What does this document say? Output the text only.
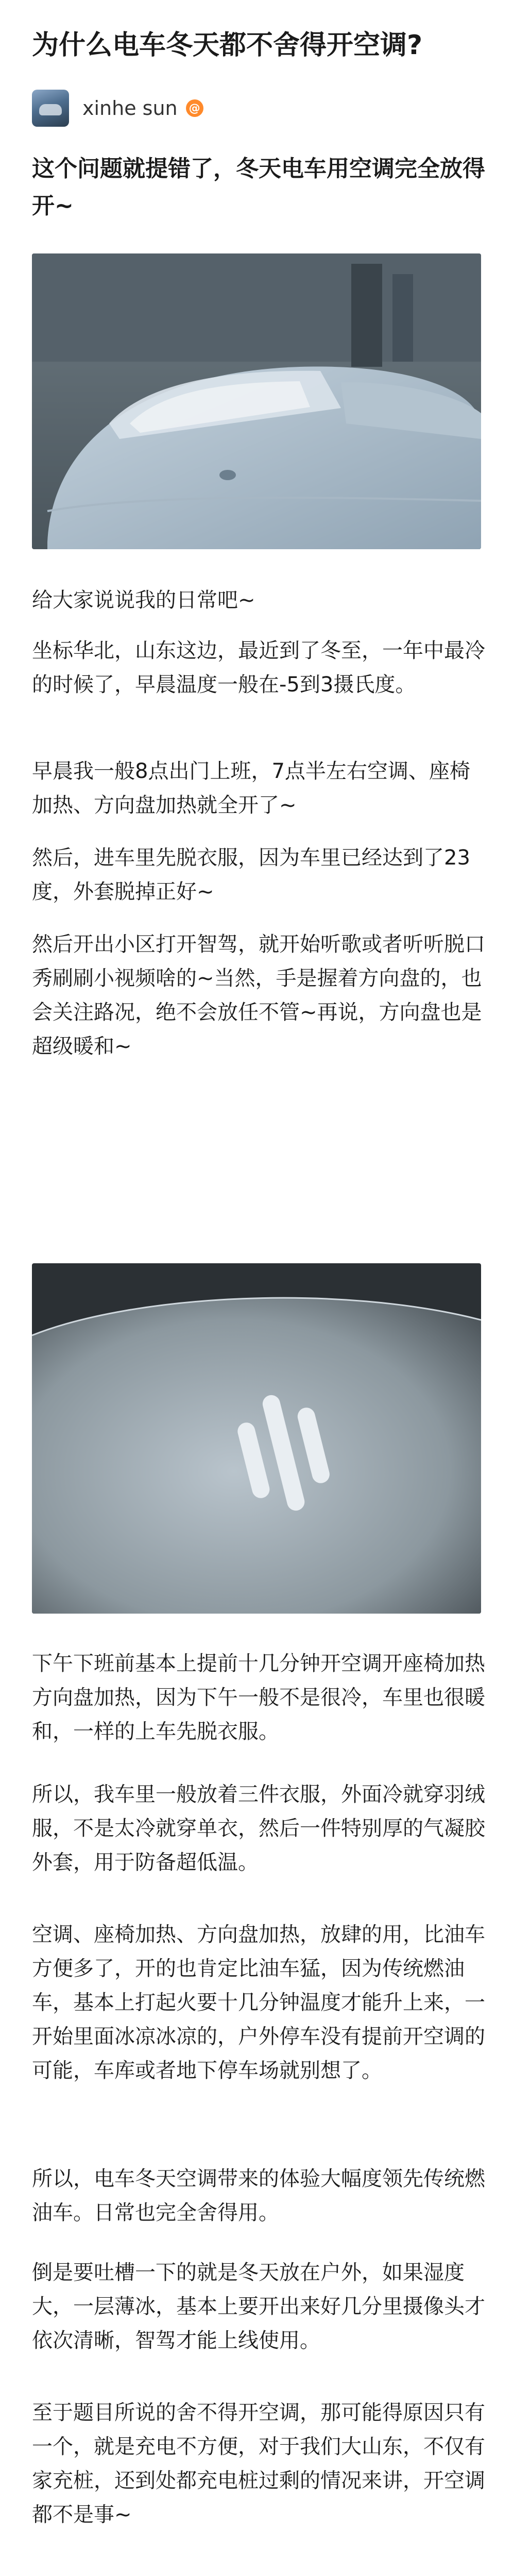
为什么电车冬天都不舍得开空调?
xinhe sun @

这个问题就提错了，冬天电车用空调完全放得开~

给大家说说我的日常吧~

坐标华北，山东这边，最近到了冬至，一年中最冷的时候了，早晨温度一般在-5到3摄氏度。

早晨我一般8点出门上班，7点半左右空调、座椅加热、方向盘加热就全开了~

然后，进车里先脱衣服，因为车里已经达到了23度，外套脱掉正好~

然后开出小区打开智驾，就开始听歌或者听听脱口秀刷刷小视频啥的~当然，手是握着方向盘的，也会关注路况，绝不会放任不管~再说，方向盘也是超级暖和~

下午下班前基本上提前十几分钟开空调开座椅加热方向盘加热，因为下午一般不是很冷，车里也很暖和，一样的上车先脱衣服。

所以，我车里一般放着三件衣服，外面冷就穿羽绒服，不是太冷就穿单衣，然后一件特别厚的气凝胶外套，用于防备超低温。

空调、座椅加热、方向盘加热，放肆的用，比油车方便多了，开的也肯定比油车猛，因为传统燃油车，基本上打起火要十几分钟温度才能升上来，一开始里面冰凉冰凉的，户外停车没有提前开空调的可能，车库或者地下停车场就别想了。

所以，电车冬天空调带来的体验大幅度领先传统燃油车。日常也完全舍得用。

倒是要吐槽一下的就是冬天放在户外，如果湿度大，一层薄冰，基本上要开出来好几分里摄像头才依次清晰，智驾才能上线使用。

至于题目所说的舍不得开空调，那可能得原因只有一个，就是充电不方便，对于我们大山东，不仅有家充桩，还到处都充电桩过剩的情况来讲，开空调都不是事~
